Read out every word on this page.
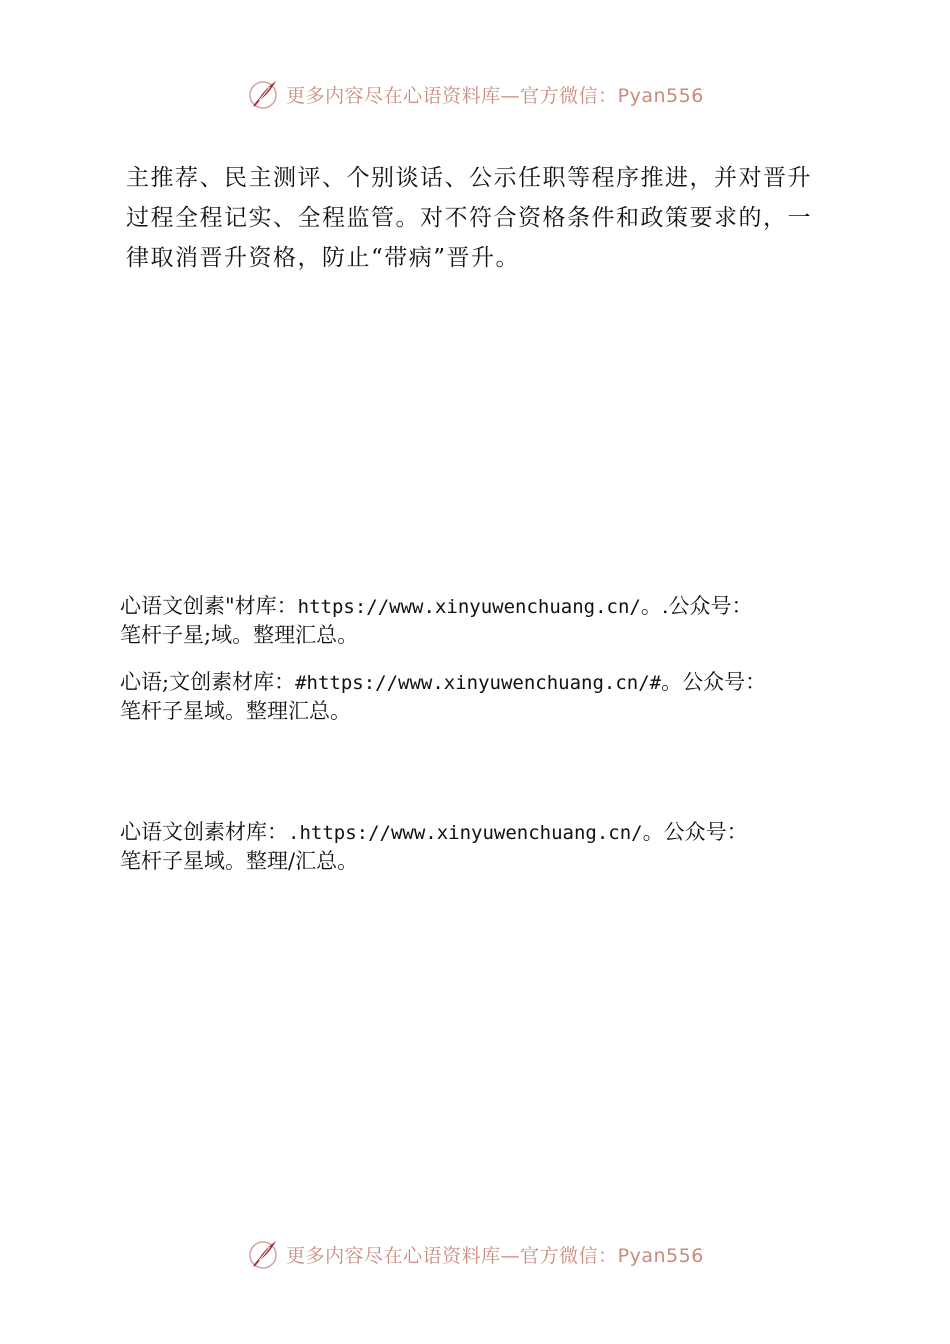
更多内容尽在心语资料库—官方微信：Pyan556
主推荐、民主测评、个别谈话、公示任职等程序推进，并对晋升
过程全程记实、全程监管。对不符合资格条件和政策要求的，一
律取消晋升资格，防止“带病”晋升。
心语文创素"材库：https://www.xinyuwenchuang.cn/。.公众号：
笔杆子星;域。整理汇总。
心语;文创素材库：#https://www.xinyuwenchuang.cn/#。公众号：
笔杆子星域。整理汇总。
心语文创素材库：.https://www.xinyuwenchuang.cn/。公众号：
笔杆子星域。整理/汇总。
更多内容尽在心语资料库—官方微信：Pyan556
